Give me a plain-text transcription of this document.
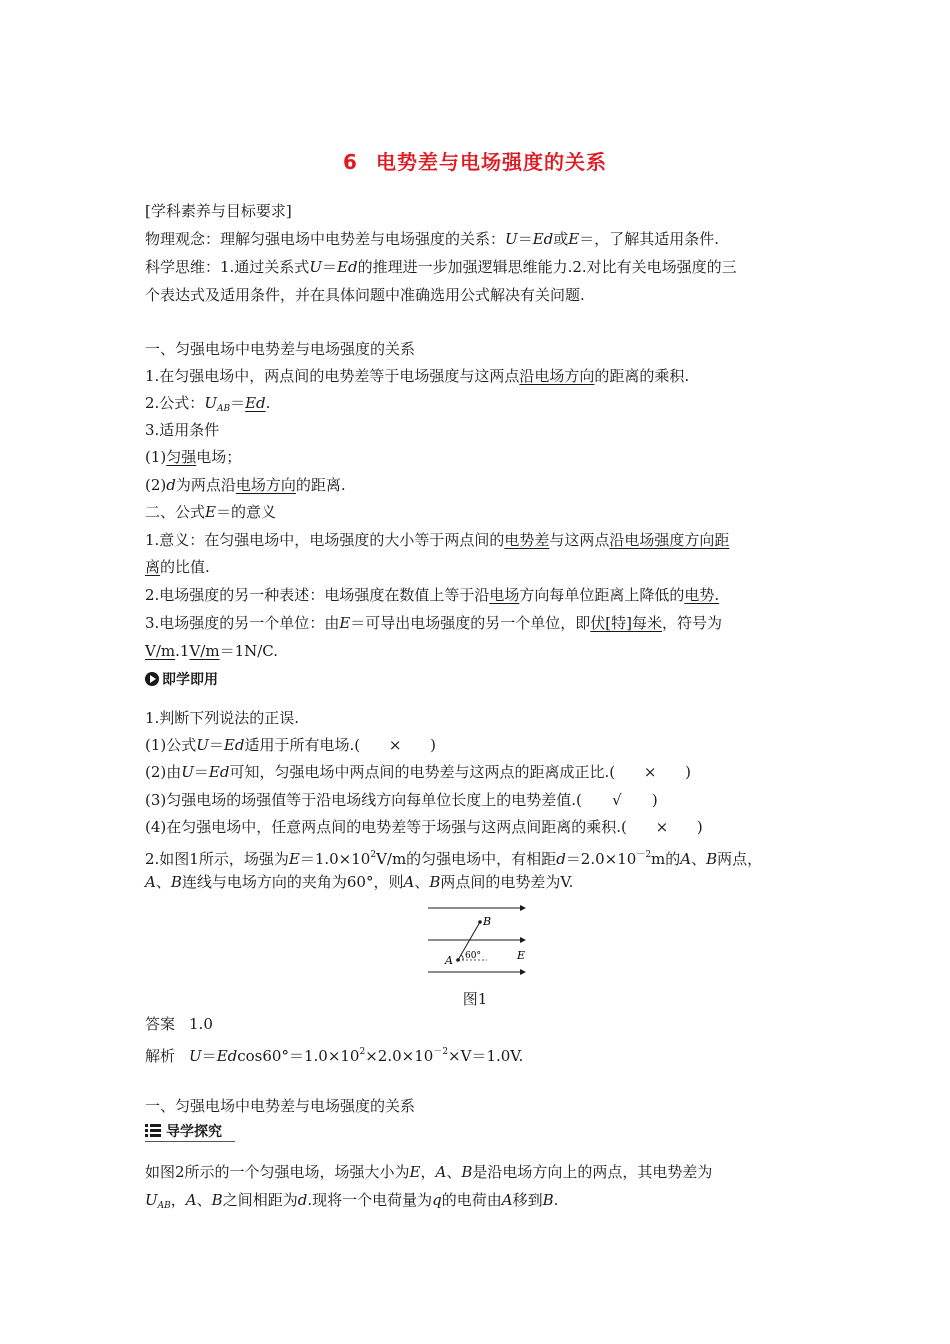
6 电势差与电场强度的关系
[学科素养与目标要求]
物理观念：理解匀强电场中电势差与电场强度的关系：U＝Ed或E＝，了解其适用条件.
科学思维：1.通过关系式U＝Ed的推理进一步加强逻辑思维能力.2.对比有关电场强度的三
个表达式及适用条件，并在具体问题中准确选用公式解决有关问题.
一、匀强电场中电势差与电场强度的关系
1.在匀强电场中，两点间的电势差等于电场强度与这两点沿电场方向的距离的乘积.
2.公式：$U_{AB}=Ed$.
3.适用条件
(1)匀强电场；
(2)d为两点沿电场方向的距离.
二、公式E＝的意义
1.意义：在匀强电场中，电场强度的大小等于两点间的电势差与这两点沿电场强度方向距
离的比值.
2.电场强度的另一种表述：电场强度在数值上等于沿电场方向每单位距离上降低的电势.
3.电场强度的另一个单位：由E＝可导出电场强度的另一个单位，即伏[特]每米，符号为
V/m.1V/m＝1N/C.
即学即用
1.判断下列说法的正误.
(1)公式U＝Ed适用于所有电场.( × )
(2)由U＝Ed可知，匀强电场中两点间的电势差与这两点的距离成正比.( × )
(3)匀强电场的场强值等于沿电场线方向每单位长度上的电势差值.( √ )
(4)在匀强电场中，任意两点间的电势差等于场强与这两点间距离的乘积.( × )
2.如图1所示，场强为$E=1.0\times 10^2V/m$的匀强电场中，有相距$d=2.0\times 10^{-2}m$的A、B两点，
A、B连线与电场方向的夹角为60°，则A、B两点间的电势差为V.
B
A	E
60°
图1
答案 1.0
解析 $U=Edcos60^\circ=1.0\times 10^2\times 2.0\times 10^{-2}\times V=1.0V$.
一、匀强电场中电势差与电场强度的关系
导学探究
如图2所示的一个匀强电场，场强大小为E，A、B是沿电场方向上的两点，其电势差为
$U_{AB}$，A、B之间相距为d.现将一个电荷量为q的电荷由A移到B.
